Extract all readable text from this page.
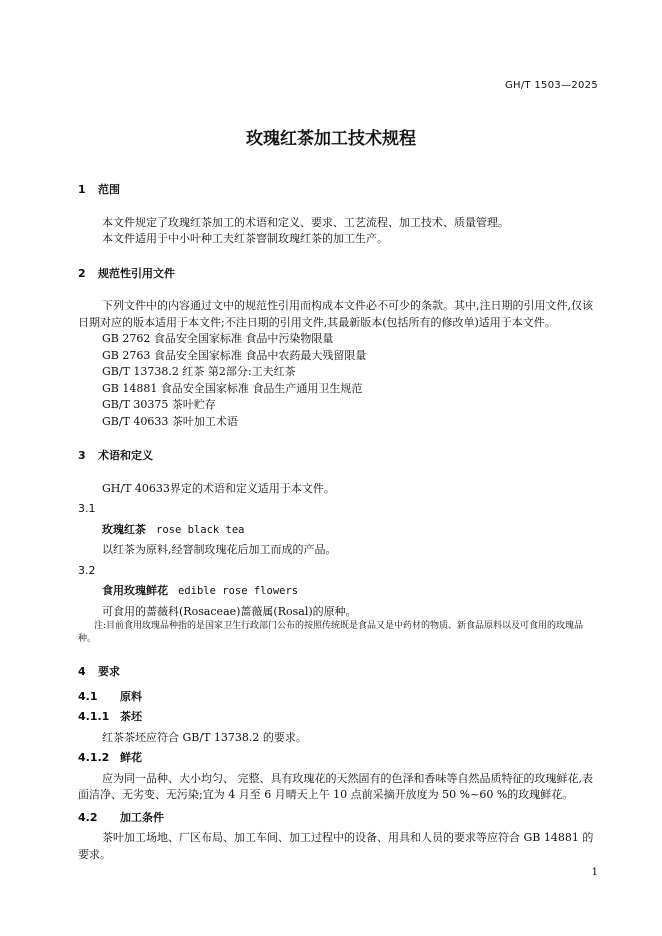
GH/T 1503—2025
玫瑰红茶加工技术规程
1 范围

本文件规定了玫瑰红茶加工的术语和定义、要求、工艺流程、加工技术、质量管理。

本文件适用于中小叶种工夫红茶窨制玫瑰红茶的加工生产。

2 规范性引用文件

下列文件中的内容通过文中的规范性引用而构成本文件必不可少的条款。其中,注日期的引用文件,仅该日期对应的版本适用于本文件;不注日期的引用文件,其最新版本(包括所有的修改单)适用于本文件。

GB 2762 食品安全国家标准 食品中污染物限量
GB 2763 食品安全国家标准 食品中农药最大残留限量
GB/T 13738.2 红茶 第2部分:工夫红茶
GB 14881 食品安全国家标准 食品生产通用卫生规范
GB/T 30375 茶叶贮存
GB/T 40633 茶叶加工术语
3 术语和定义

GH/T 40633界定的术语和定义适用于本文件。

3.1
玫瑰红茶 rose black tea

以红茶为原料,经窨制玫瑰花后加工而成的产品。

3.2
食用玫瑰鲜花 edible rose flowers

可食用的蔷薇科(Rosaceae)蔷薇属(Rosal)的原种。

注:目前食用玫瑰品种指的是国家卫生行政部门公布的按照传统既是食品又是中药材的物质、新食品原料以及可食用的玫瑰品种。

4 要求
4.1 原料
4.1.1 茶坯

红茶茶坯应符合 GB/T 13738.2 的要求。

4.1.2 鲜花

应为同一品种、大小均匀、 完整、具有玫瑰花的天然固有的色泽和香味等自然品质特征的玫瑰鲜花,表面洁净、无劣变、无污染;宜为 4 月至 6 月晴天上午 10 点前采摘开放度为 50 %~60 %的玫瑰鲜花。

4.2 加工条件

茶叶加工场地、厂区布局、加工车间、加工过程中的设备、用具和人员的要求等应符合 GB 14881 的要求。

1
